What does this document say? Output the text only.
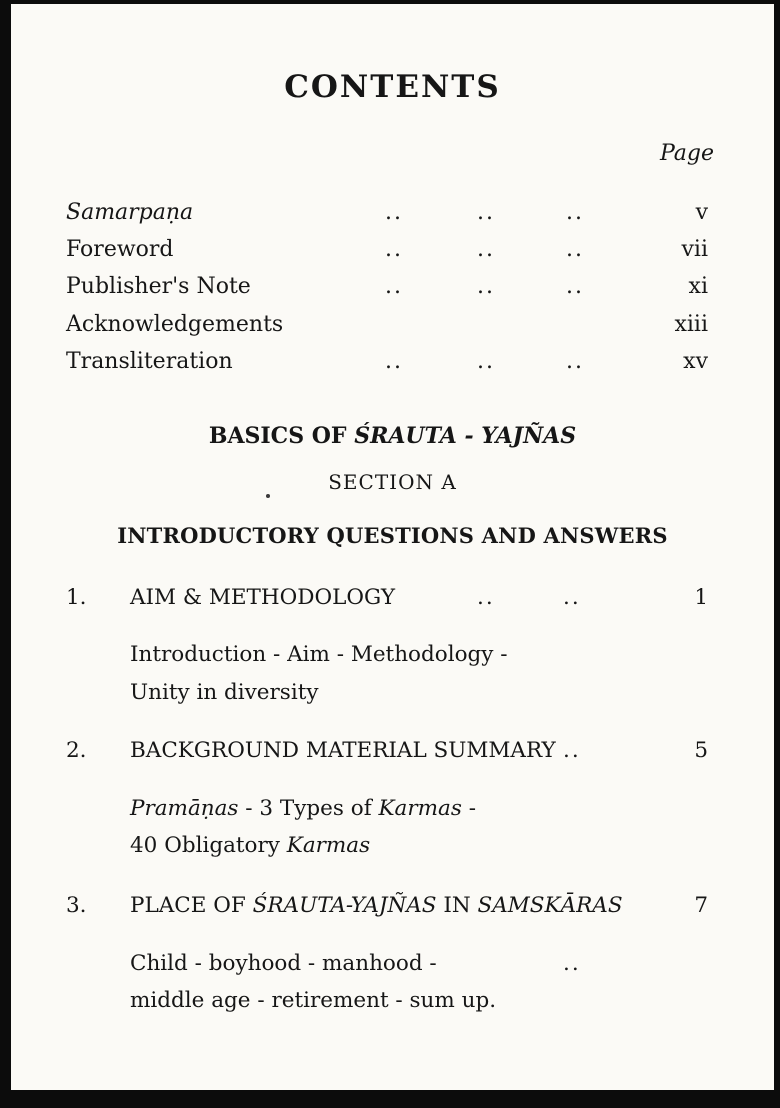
CONTENTS
Page
Samarpaṇa	..	..	..	v
Foreword	..	..	..	vii
Publisher's Note	..	..	..	xi
Acknowledgements	xiii
Transliteration	..	..	..	xv
BASICS OF ŚRAUTA - YAJÑAS
SECTION A
INTRODUCTORY QUESTIONS AND ANSWERS
1. AIM & METHODOLOGY	..	..	1
Introduction - Aim - Methodology -
Unity in diversity
2. BACKGROUND MATERIAL SUMMARY ..	5
Pramāṇas - 3 Types of Karmas -
40 Obligatory Karmas
3. PLACE OF ŚRAUTA-YAJÑAS IN SAMSKĀRAS	7
Child - boyhood - manhood -	..
middle age - retirement - sum up.
